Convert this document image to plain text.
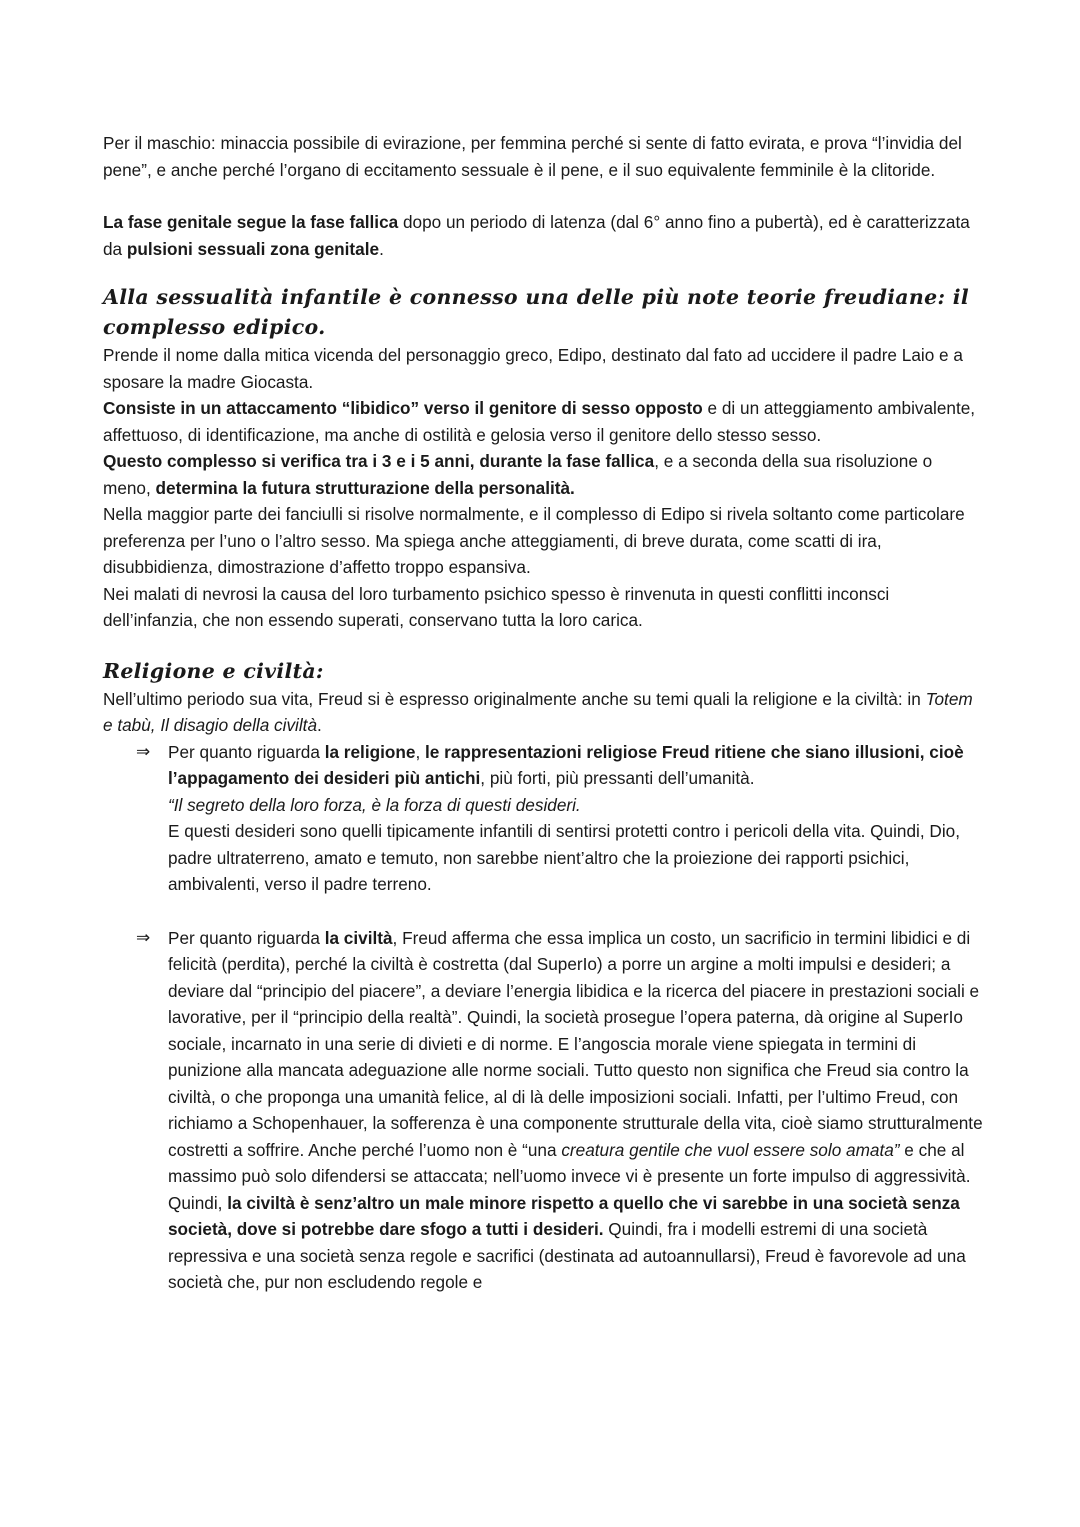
Per il maschio: minaccia possibile di evirazione, per femmina perché si sente di fatto evirata, e prova “l’invidia del pene”, e anche perché l’organo di eccitamento sessuale è il pene, e il suo equivalente femminile è la clitoride.

La fase genitale segue la fase fallica dopo un periodo di latenza (dal 6° anno fino a pubertà), ed è caratterizzata da pulsioni sessuali zona genitale.

Alla sessualità infantile è connesso una delle più note teorie freudiane: il complesso edipico.

Prende il nome dalla mitica vicenda del personaggio greco, Edipo, destinato dal fato ad uccidere il padre Laio e a sposare la madre Giocasta.

Consiste in un attaccamento “libidico” verso il genitore di sesso opposto e di un atteggiamento ambivalente, affettuoso, di identificazione, ma anche di ostilità e gelosia verso il genitore dello stesso sesso.

Questo complesso si verifica tra i 3 e i 5 anni, durante la fase fallica, e a seconda della sua risoluzione o meno, determina la futura strutturazione della personalità.

Nella maggior parte dei fanciulli si risolve normalmente, e il complesso di Edipo si rivela soltanto come particolare preferenza per l’uno o l’altro sesso. Ma spiega anche atteggiamenti, di breve durata, come scatti di ira, disubbidienza, dimostrazione d’affetto troppo espansiva.

Nei malati di nevrosi la causa del loro turbamento psichico spesso è rinvenuta in questi conflitti inconsci dell’infanzia, che non essendo superati, conservano tutta la loro carica.

Religione e civiltà:

Nell’ultimo periodo sua vita, Freud si è espresso originalmente anche su temi quali la religione e la civiltà: in Totem e tabù, Il disagio della civiltà.

⇒ Per quanto riguarda la religione, le rappresentazioni religiose Freud ritiene che siano illusioni, cioè l’appagamento dei desideri più antichi, più forti, più pressanti dell’umanità.

“Il segreto della loro forza, è la forza di questi desideri.

E questi desideri sono quelli tipicamente infantili di sentirsi protetti contro i pericoli della vita. Quindi, Dio, padre ultraterreno, amato e temuto, non sarebbe nient’altro che la proiezione dei rapporti psichici, ambivalenti, verso il padre terreno.

⇒ Per quanto riguarda la civiltà, Freud afferma che essa implica un costo, un sacrificio in termini libidici e di felicità (perdita), perché la civiltà è costretta (dal SuperIo) a porre un argine a molti impulsi e desideri; a deviare dal “principio del piacere”, a deviare l’energia libidica e la ricerca del piacere in prestazioni sociali e lavorative, per il “principio della realtà”. Quindi, la società prosegue l’opera paterna, dà origine al SuperIo sociale, incarnato in una serie di divieti e di norme. E l’angoscia morale viene spiegata in termini di punizione alla mancata adeguazione alle norme sociali. Tutto questo non significa che Freud sia contro la civiltà, o che proponga una umanità felice, al di là delle imposizioni sociali. Infatti, per l’ultimo Freud, con richiamo a Schopenhauer, la sofferenza è una componente strutturale della vita, cioè siamo strutturalmente costretti a soffrire. Anche perché l’uomo non è “una creatura gentile che vuol essere solo amata” e che al massimo può solo difendersi se attaccata; nell’uomo invece vi è presente un forte impulso di aggressività. Quindi, la civiltà è senz’altro un male minore rispetto a quello che vi sarebbe in una società senza società, dove si potrebbe dare sfogo a tutti i desideri. Quindi, fra i modelli estremi di una società repressiva e una società senza regole e sacrifici (destinata ad autoannullarsi), Freud è favorevole ad una società che, pur non escludendo regole e
